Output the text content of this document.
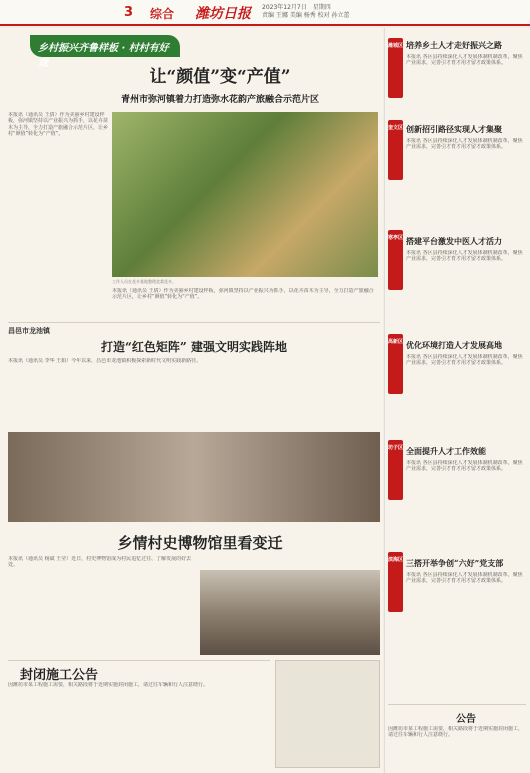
3 综合 潍坊日报 2023年12月7日　星期四
责编 王娜 美编 杨秀 校对 孙立蕾
乡村振兴齐鲁样板 · 村村有好戏
让“颜值”变“产值”
青州市弥河镇着力打造弥水花韵产旅融合示范片区
本报讯（通讯员 王倩）作为美丽乡村建设样板，弥河镇坚持以产业振兴为抓手，以花卉苗木为主导，全力打造产旅融合示范片区，让乡村“颜值”转化为“产值”。
工作人员在花卉基地整理盆栽花卉。
本报讯（通讯员 王倩）作为美丽乡村建设样板，弥河镇坚持以产业振兴为抓手，以花卉苗木为主导，全力打造产旅融合示范片区，让乡村“颜值”转化为“产值”。
昌邑市龙池镇
打造“红色矩阵” 建强文明实践阵地
本报讯（通讯员 李华 王娟）今年以来，昌邑市龙池镇积极探索新时代文明实践新路径。
乡情村史博物馆里看变迁
本报讯（通讯员 杨斌 王莹）近日，村史博物馆成为村民追忆过往、了解发展的好去处。
封闭施工公告
因潍坊市某工程施工需要，相关路段将于近期实施封闭施工，请过往车辆和行人注意绕行。
潍城区 培养乡土人才走好振兴之路
本报讯 各区县持续深化人才发展体制机制改革，聚焦产业需求，完善引才育才用才留才政策体系。
奎文区 创新招引路径实现人才集聚
本报讯 各区县持续深化人才发展体制机制改革，聚焦产业需求，完善引才育才用才留才政策体系。
寒亭区 搭建平台激发中医人才活力
本报讯 各区县持续深化人才发展体制机制改革，聚焦产业需求，完善引才育才用才留才政策体系。
高新区 优化环境打造人才发展高地
本报讯 各区县持续深化人才发展体制机制改革，聚焦产业需求，完善引才育才用才留才政策体系。
坊子区 全面提升人才工作效能
本报讯 各区县持续深化人才发展体制机制改革，聚焦产业需求，完善引才育才用才留才政策体系。
滨海区 三搭开举争创“六好”党支部
本报讯 各区县持续深化人才发展体制机制改革，聚焦产业需求，完善引才育才用才留才政策体系。
公告
因潍坊市某工程施工需要，相关路段将于近期实施封闭施工，请过往车辆和行人注意绕行。
